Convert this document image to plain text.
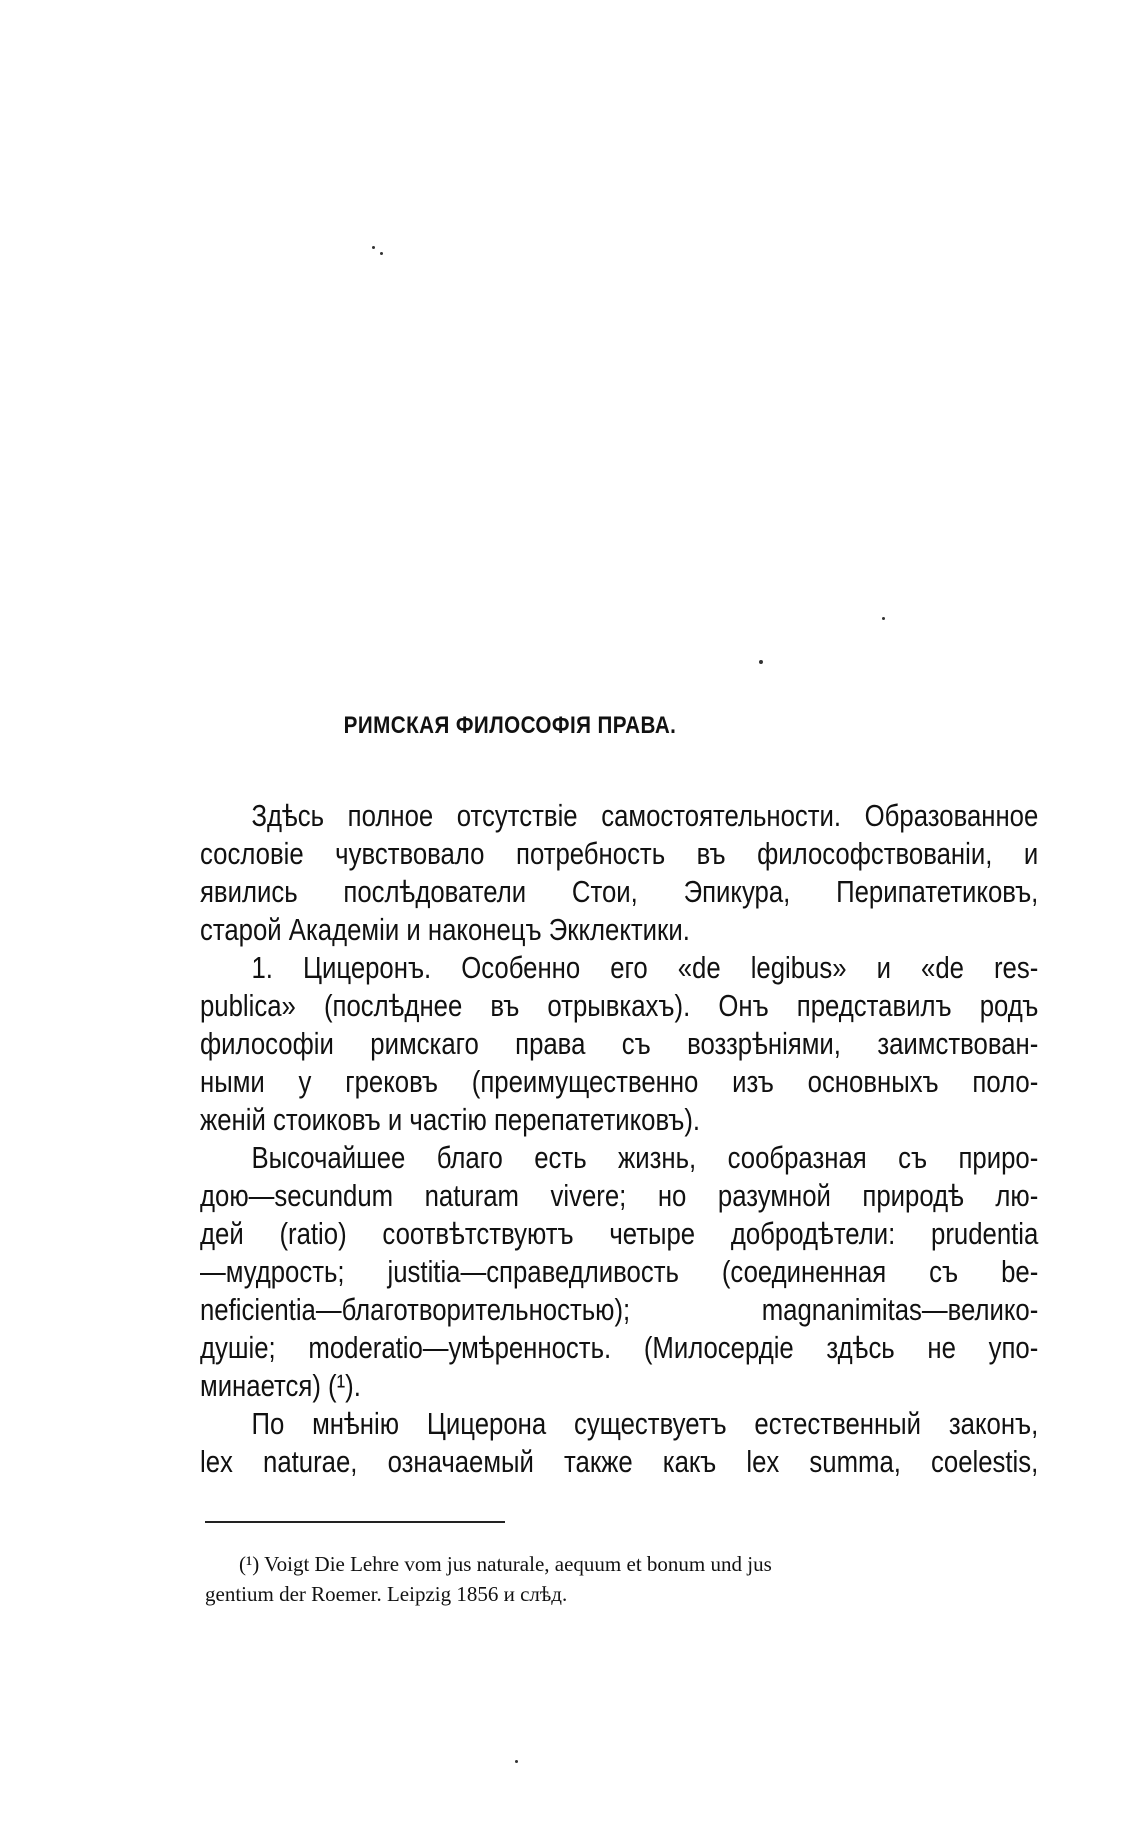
РИМСКАЯ ФИЛОСОФІЯ ПРАВА.
Здѣсь полное отсутствіе самостоятельности. Образованное
сословіе чувствовало потребность въ философствованіи, и
явились послѣдователи Стои, Эпикура, Перипатетиковъ,
старой Академіи и наконецъ Экклектики.
1. Цицеронъ. Особенно его «de legibus» и «de res-
publica» (послѣднее въ отрывкахъ). Онъ представилъ родъ
философіи римскаго права съ воззрѣніями, заимствован-
ными у грековъ (преимущественно изъ основныхъ поло-
женій стоиковъ и частію перепатетиковъ).
Высочайшее благо есть жизнь, сообразная съ приро-
дою—secundum naturam vivere; но разумной природѣ лю-
дей (ratio) соотвѣтствуютъ четыре добродѣтели: prudentia
—мудрость; justitia—справедливость (соединенная съ be-
neficientia—благотворительностью); magnanimitas—велико-
душіе; moderatio—умѣренность. (Милосердіе здѣсь не упо-
минается) (¹).
По мнѣнію Цицерона существуетъ естественный законъ,
lex naturae, означаемый также какъ lex summa, coelestis,
(¹) Voigt Die Lehre vom jus naturale, aequum et bonum und jus
gentium der Roemer. Leipzig 1856 и слѣд.
